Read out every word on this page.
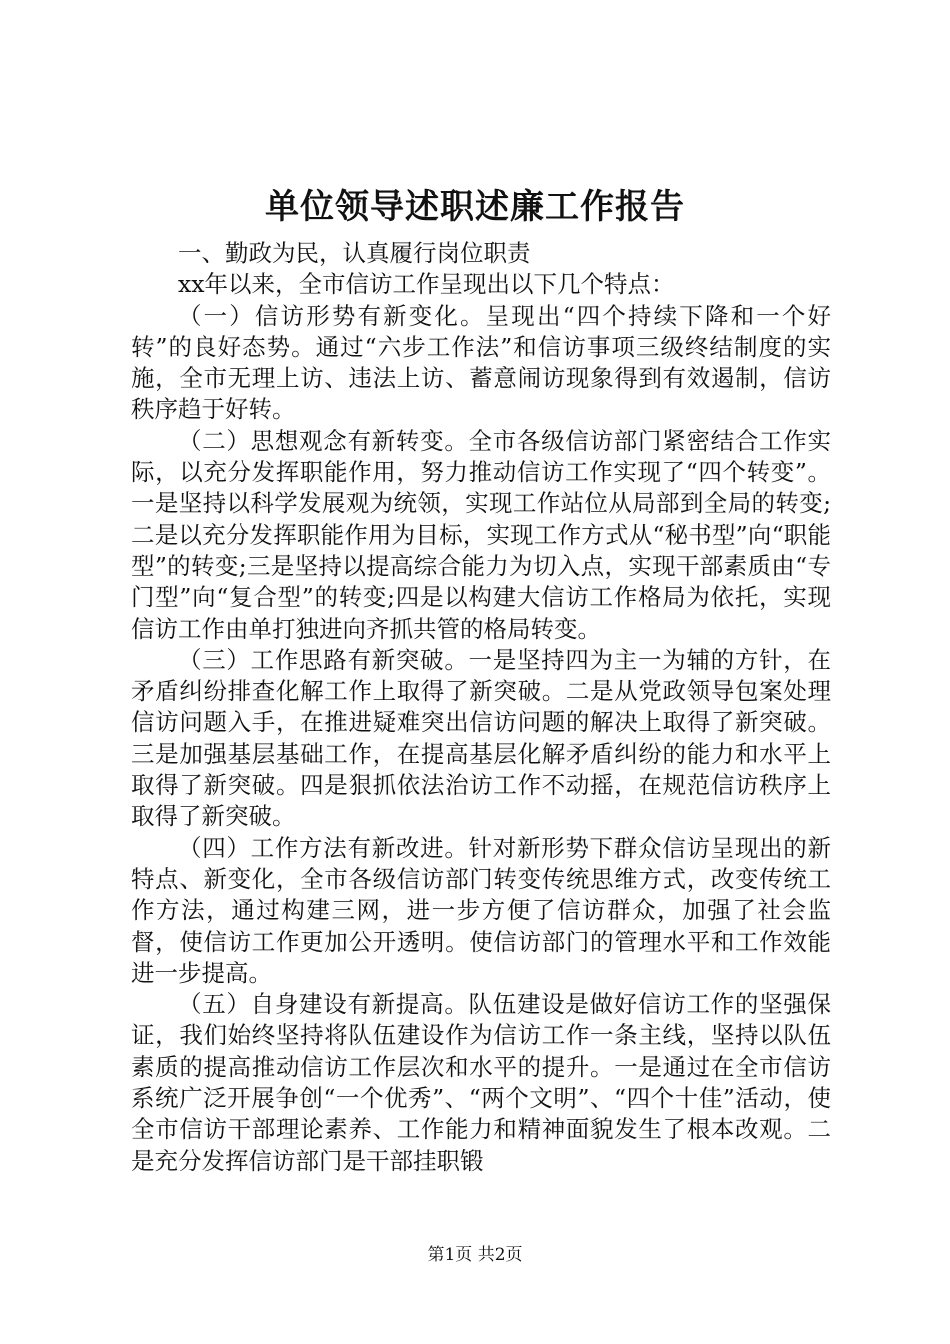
单位领导述职述廉工作报告

一、勤政为民，认真履行岗位职责

xx年以来，全市信访工作呈现出以下几个特点：

（一）信访形势有新变化。呈现出“四个持续下降和一个好转”的良好态势。通过“六步工作法”和信访事项三级终结制度的实施，全市无理上访、违法上访、蓄意闹访现象得到有效遏制，信访秩序趋于好转。

（二）思想观念有新转变。全市各级信访部门紧密结合工作实际，以充分发挥职能作用，努力推动信访工作实现了“四个转变”。一是坚持以科学发展观为统领，实现工作站位从局部到全局的转变;二是以充分发挥职能作用为目标，实现工作方式从“秘书型”向“职能型”的转变;三是坚持以提高综合能力为切入点，实现干部素质由“专门型”向“复合型”的转变;四是以构建大信访工作格局为依托，实现信访工作由单打独进向齐抓共管的格局转变。

（三）工作思路有新突破。一是坚持四为主一为辅的方针，在矛盾纠纷排查化解工作上取得了新突破。二是从党政领导包案处理信访问题入手，在推进疑难突出信访问题的解决上取得了新突破。三是加强基层基础工作，在提高基层化解矛盾纠纷的能力和水平上取得了新突破。四是狠抓依法治访工作不动摇，在规范信访秩序上取得了新突破。

（四）工作方法有新改进。针对新形势下群众信访呈现出的新特点、新变化，全市各级信访部门转变传统思维方式，改变传统工作方法，通过构建三网，进一步方便了信访群众，加强了社会监督，使信访工作更加公开透明。使信访部门的管理水平和工作效能进一步提高。

（五）自身建设有新提高。队伍建设是做好信访工作的坚强保证，我们始终坚持将队伍建设作为信访工作一条主线，坚持以队伍素质的提高推动信访工作层次和水平的提升。一是通过在全市信访系统广泛开展争创“一个优秀”、“两个文明”、“四个十佳”活动，使全市信访干部理论素养、工作能力和精神面貌发生了根本改观。二是充分发挥信访部门是干部挂职锻

第1页 共2页
